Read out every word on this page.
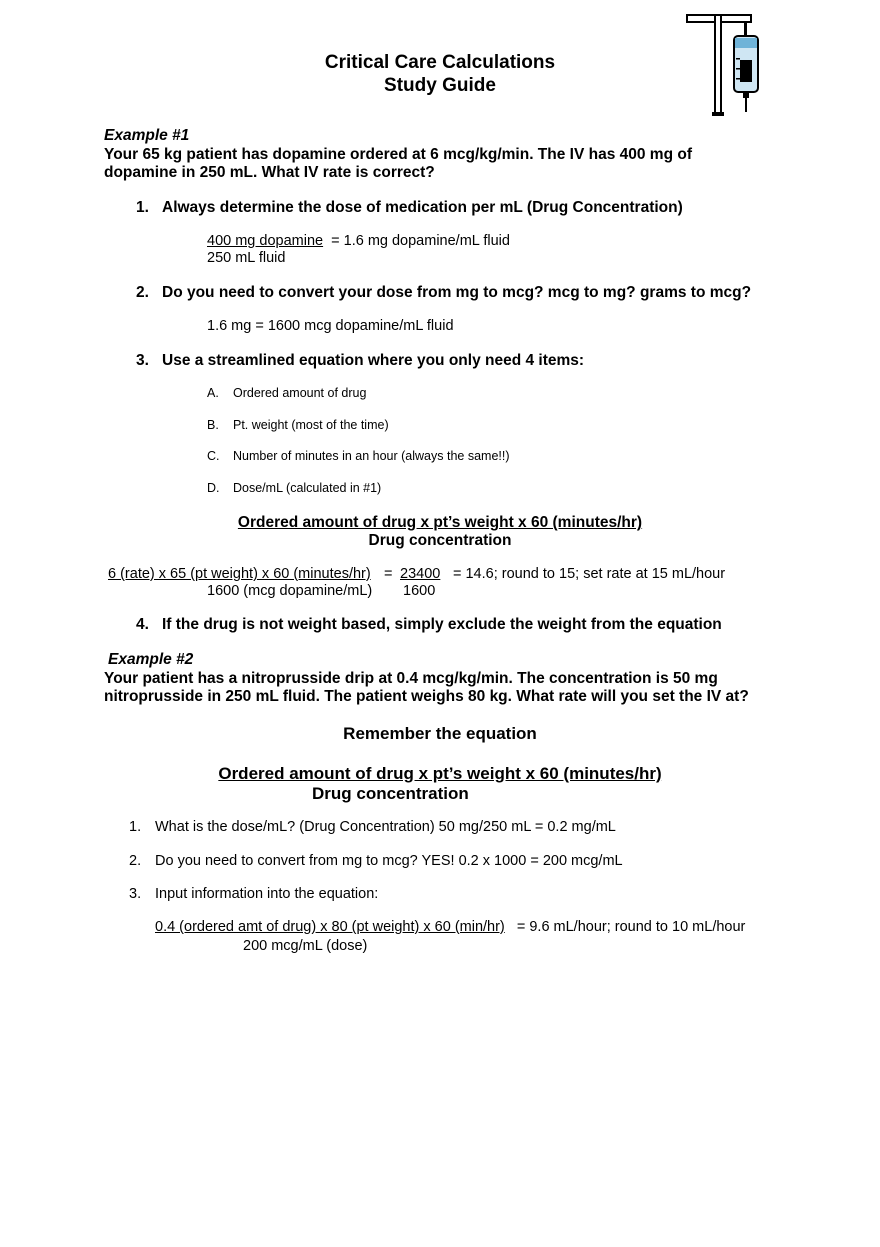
Critical Care Calculations
Study Guide
Example #1
Your 65 kg patient has dopamine ordered at 6 mcg/kg/min. The IV has 400 mg of
dopamine in 250 mL. What IV rate is correct?
1. Always determine the dose of medication per mL (Drug Concentration)
400 mg dopamine = 1.6 mg dopamine/mL fluid
250 mL fluid
2. Do you need to convert your dose from mg to mcg? mcg to mg? grams to mcg?
1.6 mg = 1600 mcg dopamine/mL fluid
3. Use a streamlined equation where you only need 4 items:
A. Ordered amount of drug
B. Pt. weight (most of the time)
C. Number of minutes in an hour (always the same!!)
D. Dose/mL (calculated in #1)
Ordered amount of drug x pt’s weight x 60 (minutes/hr)
Drug concentration
6 (rate) x 65 (pt weight) x 60 (minutes/hr) = 23400 = 14.6; round to 15; set rate at 15 mL/hour
1600 (mcg dopamine/mL) 1600
4. If the drug is not weight based, simply exclude the weight from the equation
Example #2
Your patient has a nitroprusside drip at 0.4 mcg/kg/min. The concentration is 50 mg
nitroprusside in 250 mL fluid. The patient weighs 80 kg. What rate will you set the IV at?
Remember the equation
Ordered amount of drug x pt’s weight x 60 (minutes/hr)
Drug concentration
1. What is the dose/mL? (Drug Concentration) 50 mg/250 mL = 0.2 mg/mL
2. Do you need to convert from mg to mcg? YES! 0.2 x 1000 = 200 mcg/mL
3. Input information into the equation:
0.4 (ordered amt of drug) x 80 (pt weight) x 60 (min/hr) = 9.6 mL/hour; round to 10 mL/hour
200 mcg/mL (dose)
